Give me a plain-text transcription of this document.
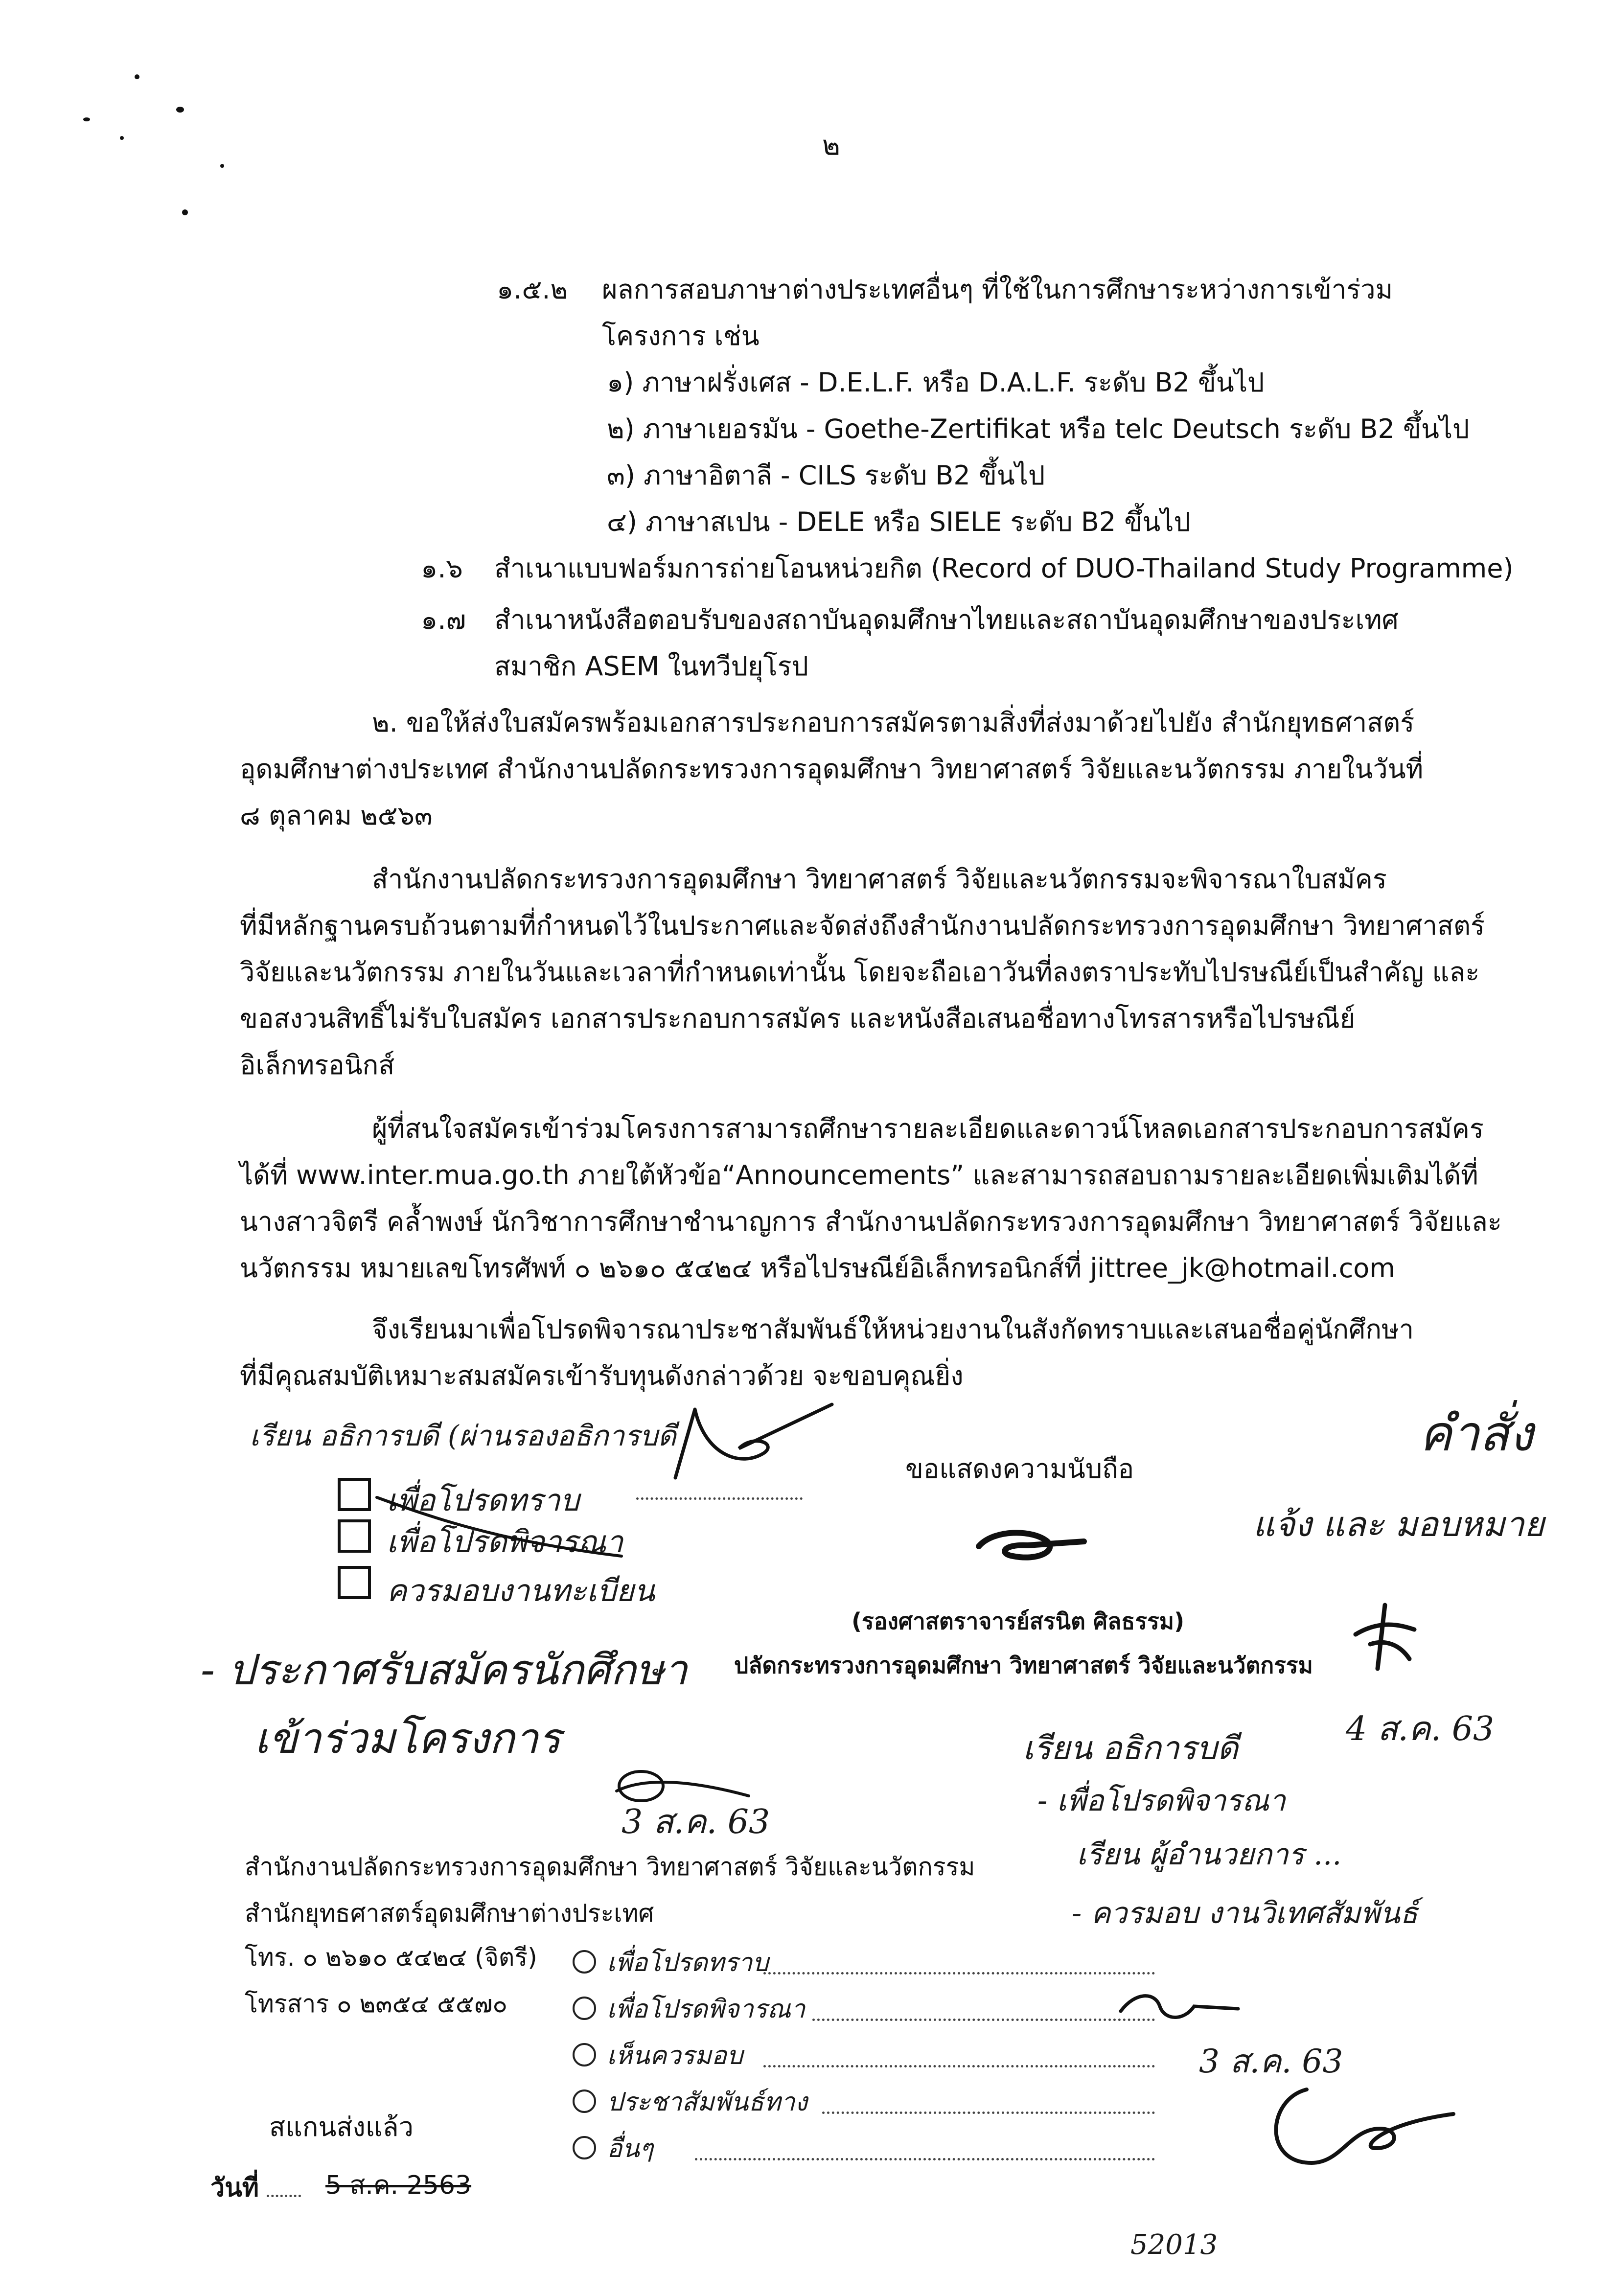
๒
๑.๕.๒ ผลการสอบภาษาต่างประเทศอื่นๆ ที่ใช้ในการศึกษาระหว่างการเข้าร่วม
โครงการ เช่น
๑) ภาษาฝรั่งเศส - D.E.L.F. หรือ D.A.L.F. ระดับ B2 ขึ้นไป
๒) ภาษาเยอรมัน - Goethe-Zertifikat หรือ telc Deutsch ระดับ B2 ขึ้นไป
๓) ภาษาอิตาลี - CILS ระดับ B2 ขึ้นไป
๔) ภาษาสเปน - DELE หรือ SIELE ระดับ B2 ขึ้นไป
๑.๖ สำเนาแบบฟอร์มการถ่ายโอนหน่วยกิต (Record of DUO-Thailand Study Programme)
๑.๗ สำเนาหนังสือตอบรับของสถาบันอุดมศึกษาไทยและสถาบันอุดมศึกษาของประเทศ
สมาชิก ASEM ในทวีปยุโรป
๒. ขอให้ส่งใบสมัครพร้อมเอกสารประกอบการสมัครตามสิ่งที่ส่งมาด้วยไปยัง สำนักยุทธศาสตร์
อุดมศึกษาต่างประเทศ สำนักงานปลัดกระทรวงการอุดมศึกษา วิทยาศาสตร์ วิจัยและนวัตกรรม ภายในวันที่
๘ ตุลาคม ๒๕๖๓
สำนักงานปลัดกระทรวงการอุดมศึกษา วิทยาศาสตร์ วิจัยและนวัตกรรมจะพิจารณาใบสมัคร
ที่มีหลักฐานครบถ้วนตามที่กำหนดไว้ในประกาศและจัดส่งถึงสำนักงานปลัดกระทรวงการอุดมศึกษา วิทยาศาสตร์
วิจัยและนวัตกรรม ภายในวันและเวลาที่กำหนดเท่านั้น โดยจะถือเอาวันที่ลงตราประทับไปรษณีย์เป็นสำคัญ และ
ขอสงวนสิทธิ์ไม่รับใบสมัคร เอกสารประกอบการสมัคร และหนังสือเสนอชื่อทางโทรสารหรือไปรษณีย์
อิเล็กทรอนิกส์
ผู้ที่สนใจสมัครเข้าร่วมโครงการสามารถศึกษารายละเอียดและดาวน์โหลดเอกสารประกอบการสมัคร
ได้ที่ www.inter.mua.go.th ภายใต้หัวข้อ“Announcements” และสามารถสอบถามรายละเอียดเพิ่มเติมได้ที่
นางสาวจิตรี คล้ำพงษ์ นักวิชาการศึกษาชำนาญการ สำนักงานปลัดกระทรวงการอุดมศึกษา วิทยาศาสตร์ วิจัยและ
นวัตกรรม หมายเลขโทรศัพท์ ๐ ๒๖๑๐ ๕๔๒๔ หรือไปรษณีย์อิเล็กทรอนิกส์ที่ jittree_jk@hotmail.com
จึงเรียนมาเพื่อโปรดพิจารณาประชาสัมพันธ์ให้หน่วยงานในสังกัดทราบและเสนอชื่อคู่นักศึกษา
ที่มีคุณสมบัติเหมาะสมสมัครเข้ารับทุนดังกล่าวด้วย จะขอบคุณยิ่ง
ขอแสดงความนับถือ
(รองศาสตราจารย์สรนิต ศิลธรรม)
ปลัดกระทรวงการอุดมศึกษา วิทยาศาสตร์ วิจัยและนวัตกรรม
เรียน อธิการบดี (ผ่านรองอธิการบดี
เพื่อโปรดทราบ
เพื่อโปรดพิจารณา
ควรมอบงานทะเบียน
คำสั่ง
แจ้ง และ มอบหมาย
4 ส.ค. 63
- ประกาศรับสมัครนักศึกษา
เข้าร่วมโครงการ
3 ส.ค. 63
เรียน อธิการบดี
- เพื่อโปรดพิจารณา
เรียน ผู้อำนวยการ ...
- ควรมอบ งานวิเทศสัมพันธ์
สำนักงานปลัดกระทรวงการอุดมศึกษา วิทยาศาสตร์ วิจัยและนวัตกรรม
สำนักยุทธศาสตร์อุดมศึกษาต่างประเทศ
โทร. ๐ ๒๖๑๐ ๕๔๒๔ (จิตรี)
โทรสาร ๐ ๒๓๕๔ ๕๕๗๐
เพื่อโปรดทราบ
เพื่อโปรดพิจารณา
เห็นควรมอบ
ประชาสัมพันธ์ทาง
อื่นๆ
3 ส.ค. 63
52013
สแกนส่งแล้ว
วันที่	5 ส.ค. 2563
